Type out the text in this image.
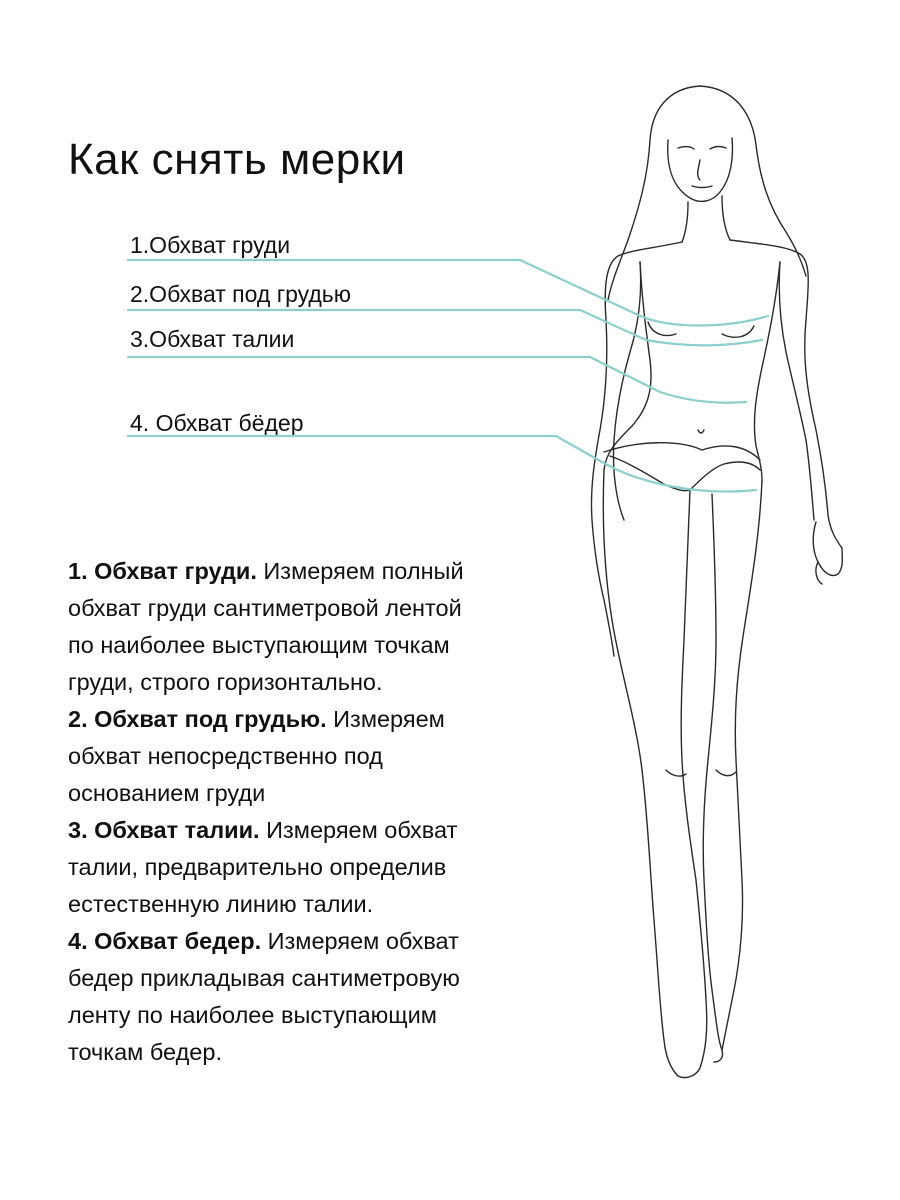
Как снять мерки
1.Обхват груди
2.Обхват под грудью
3.Обхват талии
4. Обхват бёдер

1. Обхват груди. Измеряем полный
обхват груди сантиметровой лентой
по наиболее выступающим точкам
груди, строго горизонтально.

2. Обхват под грудью. Измеряем
обхват непосредственно под
основанием груди

3. Обхват талии. Измеряем обхват
талии, предварительно определив
естественную линию талии.

4. Обхват бедер. Измеряем обхват
бедер прикладывая сантиметровую
ленту по наиболее выступающим
точкам бедер.
